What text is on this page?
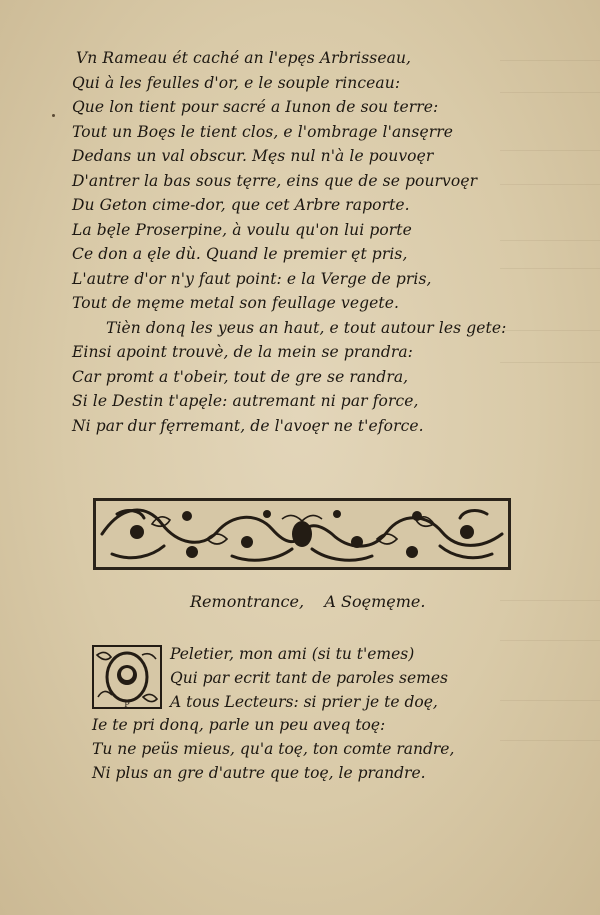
Vn Rameau ét caché an l'epęs Arbrisseau,
Qui à les feulles d'or, e le souple rinceau:
Que lon tient pour sacré a Iunon de sou terre:
Tout un Boęs le tient clos, e l'ombrage l'ansęrre
Dedans un val obscur. Męs nul n'à le pouvoęr
D'antrer la bas sous tęrre, eins que de se pourvoęr
Du Geton cime-dor, que cet Arbre raporte.
La bęle Proserpine, à voulu qu'on lui porte
Ce don a ęle dù. Quand le premier ęt pris,
L'autre d'or n'y faut point: e la Verge de pris,
Tout de męme metal son feullage vegete.
Tièn donq les yeus an haut, e tout autour les gete:
Einsi apoint trouvè, de la mein se prandra:
Car promt a t'obeir, tout de gre se randra,
Si le Destin t'apęle: autremant ni par force,
Ni par dur fęrremant, de l'avoęr ne t'eforce.
Remontrance, A Soęmęme.
P
Peletier, mon ami (si tu t'emes)
Qui par ecrit tant de paroles semes
A tous Lecteurs: si prier je te doę,
Ie te pri donq, parle un peu aveq toę:
Tu ne peüs mieus, qu'a toę, ton comte randre,
Ni plus an gre d'autre que toę, le prandre.
